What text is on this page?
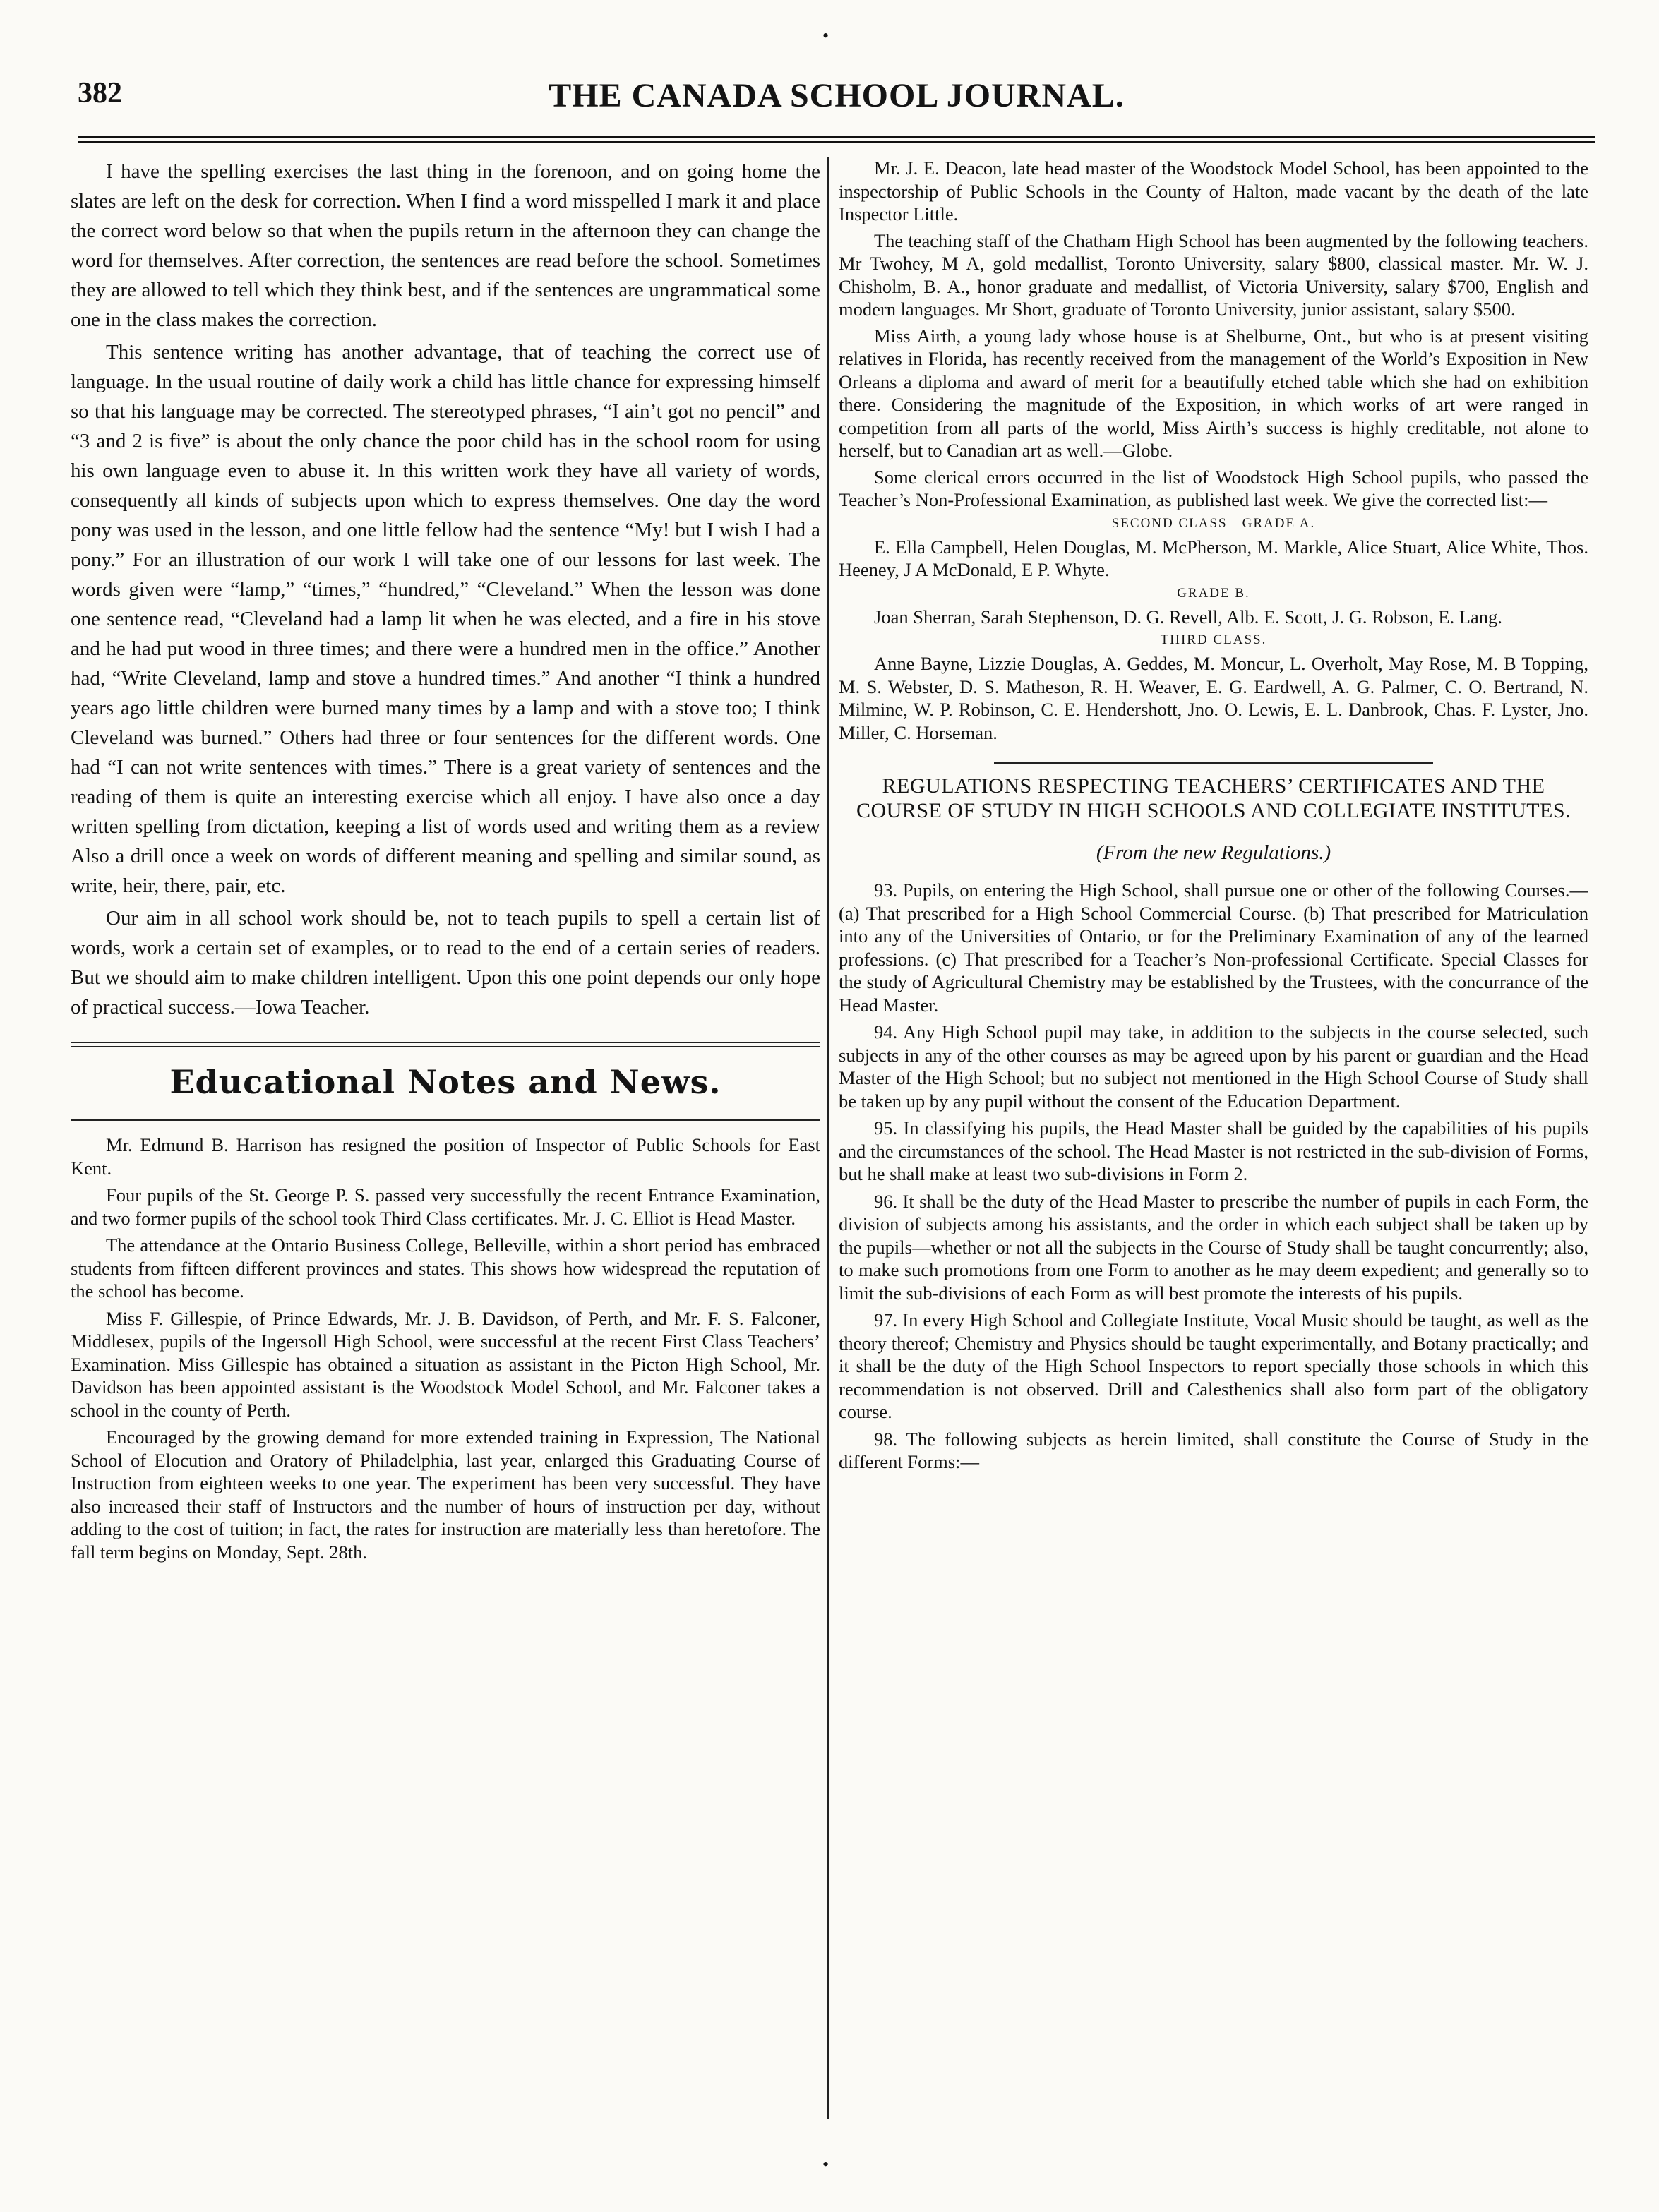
•
382	THE CANADA SCHOOL JOURNAL.

I have the spelling exercises the last thing in the forenoon, and on going home the slates are left on the desk for correction. When I find a word misspelled I mark it and place the correct word below so that when the pupils return in the afternoon they can change the word for themselves. After correction, the sentences are read before the school. Sometimes they are allowed to tell which they think best, and if the sentences are ungrammatical some one in the class makes the correction.

This sentence writing has another advantage, that of teaching the correct use of language. In the usual routine of daily work a child has little chance for expressing himself so that his language may be corrected. The stereotyped phrases, “I ain’t got no pencil” and “3 and 2 is five” is about the only chance the poor child has in the school room for using his own language even to abuse it. In this written work they have all variety of words, consequently all kinds of subjects upon which to express themselves. One day the word pony was used in the lesson, and one little fellow had the sentence “My! but I wish I had a pony.” For an illustration of our work I will take one of our lessons for last week. The words given were “lamp,” “times,” “hundred,” “Cleveland.” When the lesson was done one sentence read, “Cleveland had a lamp lit when he was elected, and a fire in his stove and he had put wood in three times; and there were a hundred men in the office.” Another had, “Write Cleveland, lamp and stove a hundred times.” And another “I think a hundred years ago little children were burned many times by a lamp and with a stove too; I think Cleveland was burned.” Others had three or four sentences for the different words. One had “I can not write sentences with times.” There is a great variety of sentences and the reading of them is quite an interesting exercise which all enjoy. I have also once a day written spelling from dictation, keeping a list of words used and writing them as a review Also a drill once a week on words of different meaning and spelling and similar sound, as write, heir, there, pair, etc.

Our aim in all school work should be, not to teach pupils to spell a certain list of words, work a certain set of examples, or to read to the end of a certain series of readers. But we should aim to make children intelligent. Upon this one point depends our only hope of practical success.—Iowa Teacher.

Educational Notes and News.

Mr. Edmund B. Harrison has resigned the position of Inspector of Public Schools for East Kent.

Four pupils of the St. George P. S. passed very successfully the recent Entrance Examination, and two former pupils of the school took Third Class certificates. Mr. J. C. Elliot is Head Master.

The attendance at the Ontario Business College, Belleville, within a short period has embraced students from fifteen different provinces and states. This shows how widespread the reputation of the school has become.

Miss F. Gillespie, of Prince Edwards, Mr. J. B. Davidson, of Perth, and Mr. F. S. Falconer, Middlesex, pupils of the Ingersoll High School, were successful at the recent First Class Teachers’ Examination. Miss Gillespie has obtained a situation as assistant in the Picton High School, Mr. Davidson has been appointed assistant is the Woodstock Model School, and Mr. Falconer takes a school in the county of Perth.

Encouraged by the growing demand for more extended training in Expression, The National School of Elocution and Oratory of Philadelphia, last year, enlarged this Graduating Course of Instruction from eighteen weeks to one year. The experiment has been very successful. They have also increased their staff of Instructors and the number of hours of instruction per day, without adding to the cost of tuition; in fact, the rates for instruction are materially less than heretofore. The fall term begins on Monday, Sept. 28th.

Mr. J. E. Deacon, late head master of the Woodstock Model School, has been appointed to the inspectorship of Public Schools in the County of Halton, made vacant by the death of the late Inspector Little.

The teaching staff of the Chatham High School has been augmented by the following teachers. Mr Twohey, M A, gold medallist, Toronto University, salary $800, classical master. Mr. W. J. Chisholm, B. A., honor graduate and medallist, of Victoria University, salary $700, English and modern languages. Mr Short, graduate of Toronto University, junior assistant, salary $500.

Miss Airth, a young lady whose house is at Shelburne, Ont., but who is at present visiting relatives in Florida, has recently received from the management of the World’s Exposition in New Orleans a diploma and award of merit for a beautifully etched table which she had on exhibition there. Considering the magnitude of the Exposition, in which works of art were ranged in competition from all parts of the world, Miss Airth’s success is highly creditable, not alone to herself, but to Canadian art as well.—Globe.

Some clerical errors occurred in the list of Woodstock High School pupils, who passed the Teacher’s Non-Professional Examination, as published last week. We give the corrected list:—

SECOND CLASS—GRADE A.

E. Ella Campbell, Helen Douglas, M. McPherson, M. Markle, Alice Stuart, Alice White, Thos. Heeney, J A McDonald, E P. Whyte.

GRADE B.

Joan Sherran, Sarah Stephenson, D. G. Revell, Alb. E. Scott, J. G. Robson, E. Lang.

THIRD CLASS.

Anne Bayne, Lizzie Douglas, A. Geddes, M. Moncur, L. Overholt, May Rose, M. B Topping, M. S. Webster, D. S. Matheson, R. H. Weaver, E. G. Eardwell, A. G. Palmer, C. O. Bertrand, N. Milmine, W. P. Robinson, C. E. Hendershott, Jno. O. Lewis, E. L. Danbrook, Chas. F. Lyster, Jno. Miller, C. Horseman.

REGULATIONS RESPECTING TEACHERS’ CERTIFICATES AND THE COURSE OF STUDY IN HIGH SCHOOLS AND COLLEGIATE INSTITUTES.
(From the new Regulations.)

93. Pupils, on entering the High School, shall pursue one or other of the following Courses.—(a) That prescribed for a High School Commercial Course. (b) That prescribed for Matriculation into any of the Universities of Ontario, or for the Preliminary Examination of any of the learned professions. (c) That prescribed for a Teacher’s Non-professional Certificate. Special Classes for the study of Agricultural Chemistry may be established by the Trustees, with the concurrance of the Head Master.

94. Any High School pupil may take, in addition to the subjects in the course selected, such subjects in any of the other courses as may be agreed upon by his parent or guardian and the Head Master of the High School; but no subject not mentioned in the High School Course of Study shall be taken up by any pupil without the consent of the Education Department.

95. In classifying his pupils, the Head Master shall be guided by the capabilities of his pupils and the circumstances of the school. The Head Master is not restricted in the sub-division of Forms, but he shall make at least two sub-divisions in Form 2.

96. It shall be the duty of the Head Master to prescribe the number of pupils in each Form, the division of subjects among his assistants, and the order in which each subject shall be taken up by the pupils—whether or not all the subjects in the Course of Study shall be taught concurrently; also, to make such promotions from one Form to another as he may deem expedient; and generally so to limit the sub-divisions of each Form as will best promote the interests of his pupils.

97. In every High School and Collegiate Institute, Vocal Music should be taught, as well as the theory thereof; Chemistry and Physics should be taught experimentally, and Botany practically; and it shall be the duty of the High School Inspectors to report specially those schools in which this recommendation is not observed. Drill and Calesthenics shall also form part of the obligatory course.

98. The following subjects as herein limited, shall constitute the Course of Study in the different Forms:—

•
